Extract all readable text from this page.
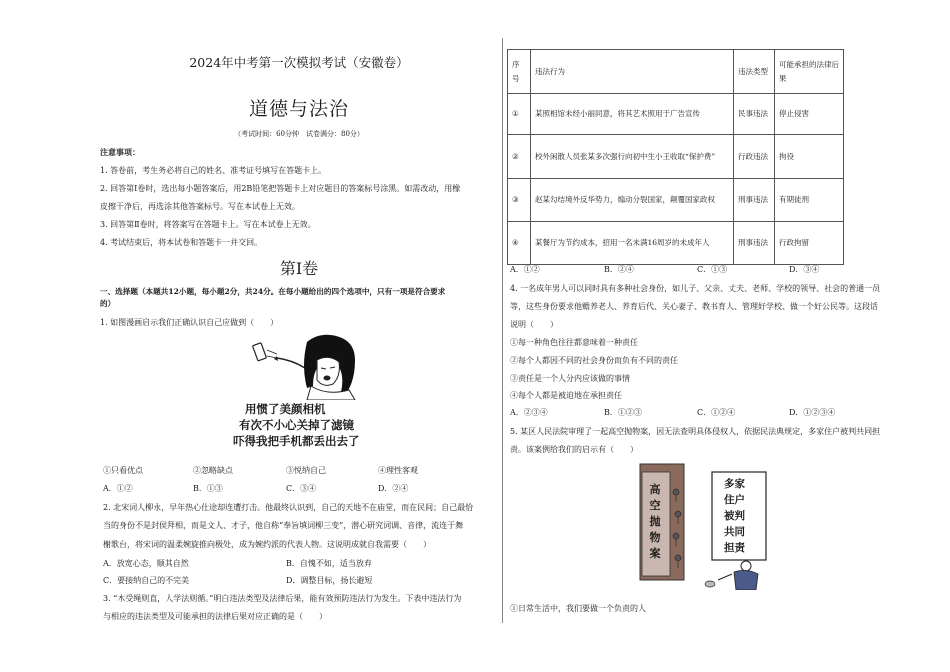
2024年中考第一次模拟考试（安徽卷）
道德与法治
（考试时间：60分钟　试卷满分：80分）
注意事项：
1. 答卷前，考生务必将自己的姓名、准考证号填写在答题卡上。
2. 回答第Ⅰ卷时，选出每小题答案后，用2B铅笔把答题卡上对应题目的答案标号涂黑。如需改动，用橡
皮擦干净后，再选涂其他答案标号。写在本试卷上无效。
3. 回答第Ⅱ卷时，将答案写在答题卡上。写在本试卷上无效。
4. 考试结束后，将本试卷和答题卡一并交回。
第Ⅰ卷
一、选择题（本题共12小题，每小题2分，共24分。在每小题给出的四个选项中，只有一项是符合要求
的）
1. 如图漫画启示我们正确认识自己应做到（　　）
用惯了美颜相机
有次不小心关掉了滤镜
吓得我把手机都丢出去了
①只看优点	②忽略缺点	③悦纳自己	④理性客观
A．①②	B．①③	C．③④	D．②④
2. 北宋词人柳永，早年热心仕途却连遭打击。他最终认识到，自己的天地不在庙堂，而在民间；自己最恰
当的身份不是封侯拜相，而是文人、才子，他自称“奉旨填词柳三变”，潜心研究词调、音律，流连于舞
榭歌台，将宋词的温柔婉旋推向极处，成为婉约派的代表人物。这说明成就自我需要（　　）
A．放宽心态，顺其自然	B．自愧不如，适当放弃
C．要接纳自己的不完美	D．调整目标，扬长避短
3. “木受绳则直，人学法则循。”明白违法类型及法律后果，能有效预防违法行为发生。下表中违法行为
与相应的违法类型及可能承担的法律后果对应正确的是（　　）
序号	违法行为	违法类型	可能承担的法律后果
①	某照相馆未经小丽同意，将其艺术照用于广告宣传	民事违法	停止侵害
②	校外闲散人员张某多次强行向初中生小王收取“保护费”	行政违法	拘役
③	赵某勾结境外反华势力，煽动分裂国家，颠覆国家政权	刑事违法	有期徒刑
④	某餐厅为节约成本，招用一名未满16周岁的未成年人	刑事违法	行政拘留
A．①②	B．②④	C．①③	D．③④
4. 一名成年男人可以同时具有多种社会身份，如儿子、父亲、丈夫、老师、学校的领导、社会的普通一员
等，这些身份要求他赡养老人、养育后代、关心妻子、教书育人、管理好学校、做一个好公民等。这段话
说明（　　）
①每一种角色往往都意味着一种责任
②每个人都因不同的社会身份而负有不同的责任
③责任是一个人分内应该做的事情
④每个人都是被迫地在承担责任
A．②③④	B．①②③	C．①②④	D．①②③④
5. 某区人民法院审理了一起高空抛物案，因无法查明具体侵权人，依据民法典规定，多家住户被判共同担
责。该案例给我们的启示有（　　）
高空抛物案
多家
住户
被判
共同
担责
①日常生活中，我们要做一个负责的人
